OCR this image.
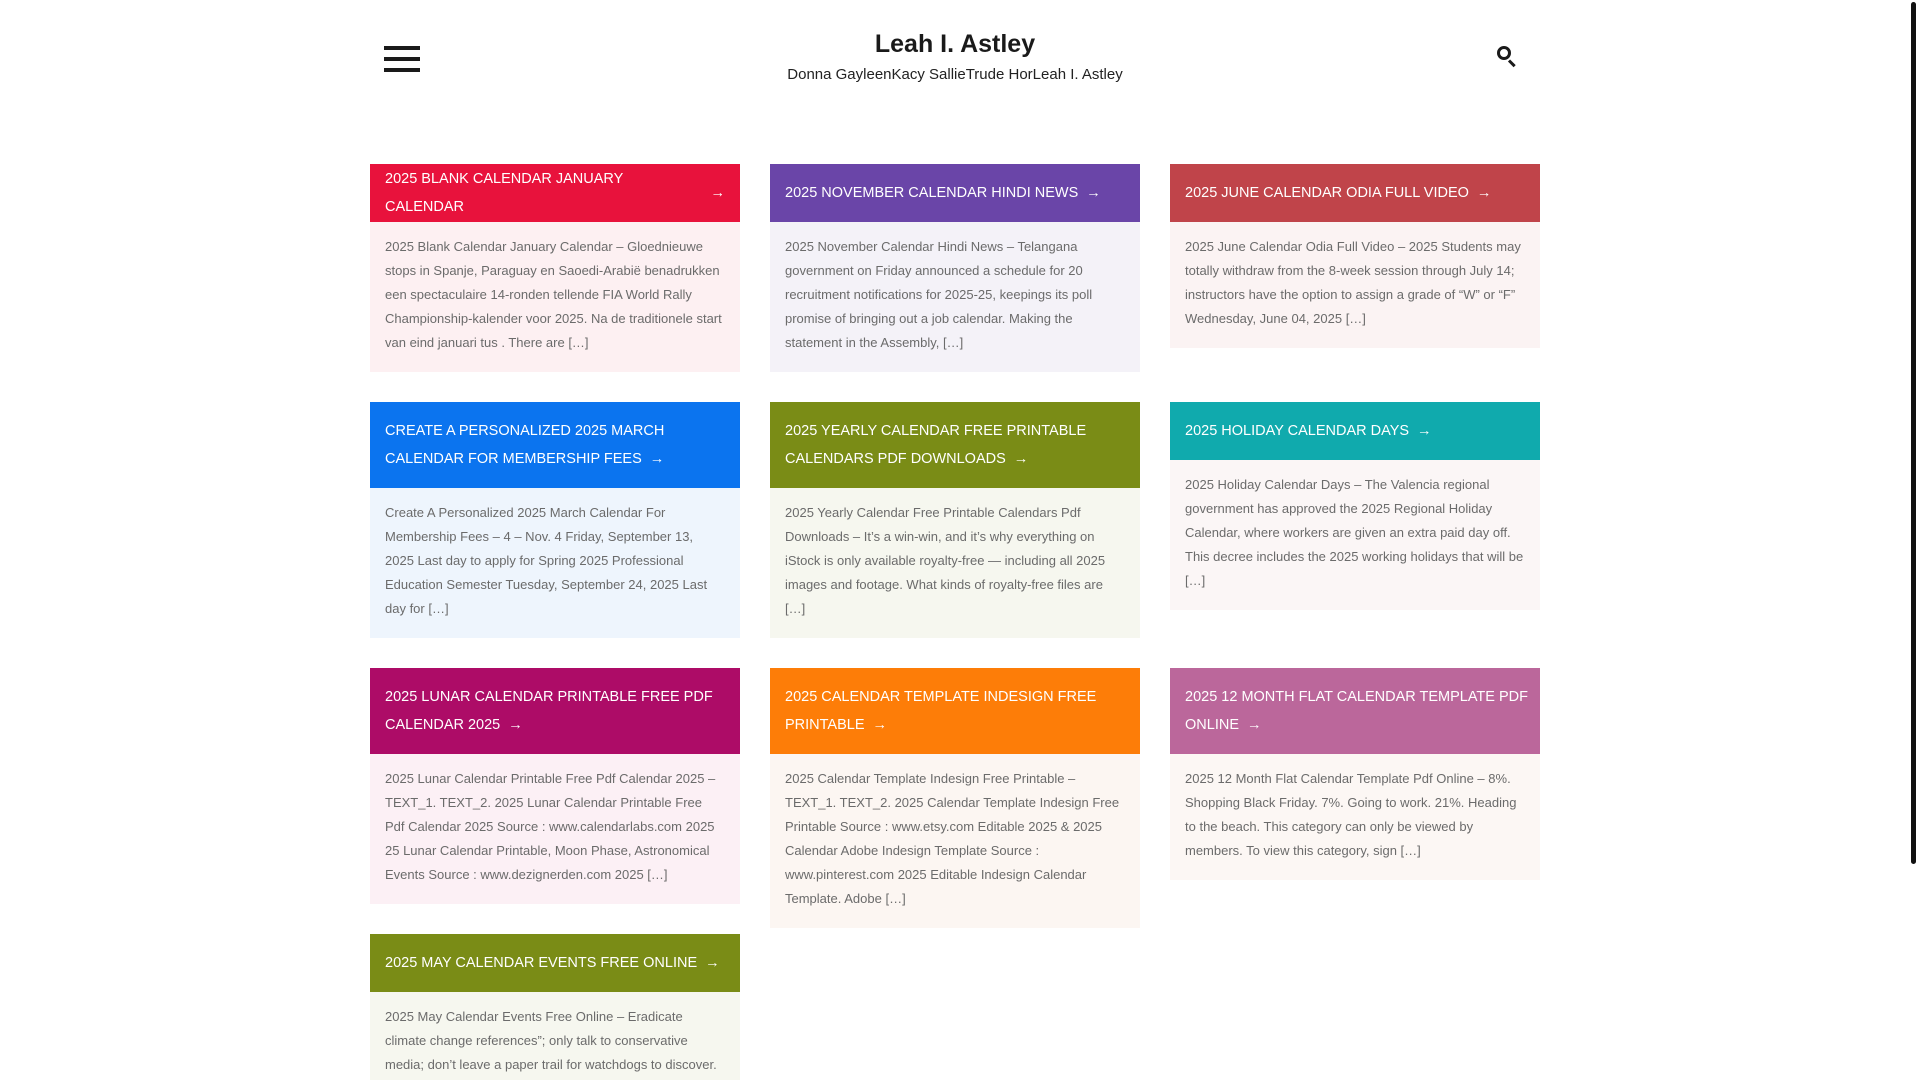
Leah I. Astley
Donna GayleenKacy SallieTrude HorLeah I. Astley
2025 BLANK CALENDAR JANUARY CALENDAR
→
2025 Blank Calendar January Calendar – Gloednieuwe stops in Spanje, Paraguay en Saoedi-Arabië benadrukken een spectaculaire 14-ronden tellende FIA World Rally Championship-kalender voor 2025. Na de traditionele start van eind januari tus . There are […]
2025 NOVEMBER CALENDAR HINDI NEWS →
2025 November Calendar Hindi News – Telangana government on Friday announced a schedule for 20 recruitment notifications for 2025-25, keepings its poll promise of bringing out a job calendar. Making the statement in the Assembly, […]
2025 JUNE CALENDAR ODIA FULL VIDEO →
2025 June Calendar Odia Full Video – 2025 Students may totally withdraw from the 8-week session through July 14; instructors have the option to assign a grade of “W” or “F” Wednesday, June 04, 2025 […]
CREATE A PERSONALIZED 2025 MARCH CALENDAR FOR MEMBERSHIP FEES →
Create A Personalized 2025 March Calendar For Membership Fees – 4 – Nov. 4 Friday, September 13, 2025 Last day to apply for Spring 2025 Professional Education Semester Tuesday, September 24, 2025 Last day for […]
2025 YEARLY CALENDAR FREE PRINTABLE CALENDARS PDF DOWNLOADS →
2025 Yearly Calendar Free Printable Calendars Pdf Downloads – It’s a win-win, and it’s why everything on iStock is only available royalty-free — including all 2025 images and footage. What kinds of royalty-free files are […]
2025 HOLIDAY CALENDAR DAYS →
2025 Holiday Calendar Days – The Valencia regional government has approved the 2025 Regional Holiday Calendar, where workers are given an extra paid day off. This decree includes the 2025 working holidays that will be […]
2025 LUNAR CALENDAR PRINTABLE FREE PDF CALENDAR 2025 →
2025 Lunar Calendar Printable Free Pdf Calendar 2025 – TEXT_1. TEXT_2. 2025 Lunar Calendar Printable Free Pdf Calendar 2025 Source : www.calendarlabs.com 2025 25 Lunar Calendar Printable, Moon Phase, Astronomical Events Source : www.dezignerden.com 2025 […]
2025 CALENDAR TEMPLATE INDESIGN FREE PRINTABLE →
2025 Calendar Template Indesign Free Printable – TEXT_1. TEXT_2. 2025 Calendar Template Indesign Free Printable Source : www.etsy.com Editable 2025 & 2025 Calendar Adobe Indesign Template Source : www.pinterest.com 2025 Editable Indesign Calendar Template. Adobe […]
2025 12 MONTH FLAT CALENDAR TEMPLATE PDF ONLINE →
2025 12 Month Flat Calendar Template Pdf Online – 8%. Shopping Black Friday. 7%. Going to work. 21%. Heading to the beach. This category can only be viewed by members. To view this category, sign […]
2025 MAY CALENDAR EVENTS FREE ONLINE →
2025 May Calendar Events Free Online – Eradicate climate change references”; only talk to conservative media; don’t leave a paper trail for watchdogs to discover.
